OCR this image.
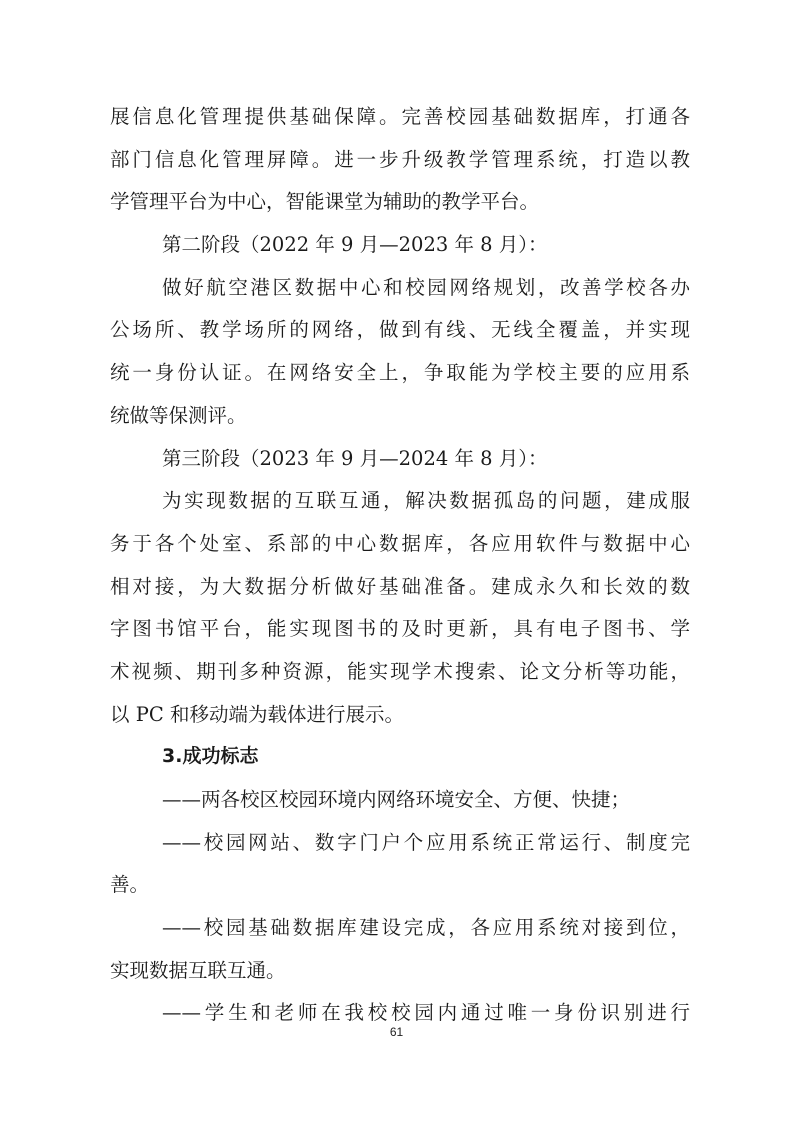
展信息化管理提供基础保障。完善校园基础数据库，打通各
部门信息化管理屏障。进一步升级教学管理系统，打造以教
学管理平台为中心，智能课堂为辅助的教学平台。
第二阶段（2022 年 9 月—2023 年 8 月）：
做好航空港区数据中心和校园网络规划，改善学校各办
公场所、教学场所的网络，做到有线、无线全覆盖，并实现
统一身份认证。在网络安全上，争取能为学校主要的应用系
统做等保测评。
第三阶段（2023 年 9 月—2024 年 8 月）：
为实现数据的互联互通，解决数据孤岛的问题，建成服
务于各个处室、系部的中心数据库，各应用软件与数据中心
相对接，为大数据分析做好基础准备。建成永久和长效的数
字图书馆平台，能实现图书的及时更新，具有电子图书、学
术视频、期刊多种资源，能实现学术搜索、论文分析等功能，
以 PC 和移动端为载体进行展示。
3.成功标志
——两各校区校园环境内网络环境安全、方便、快捷；
——校园网站、数字门户个应用系统正常运行、制度完
善。
——校园基础数据库建设完成，各应用系统对接到位，
实现数据互联互通。
——学生和老师在我校校园内通过唯一身份识别进行
61
